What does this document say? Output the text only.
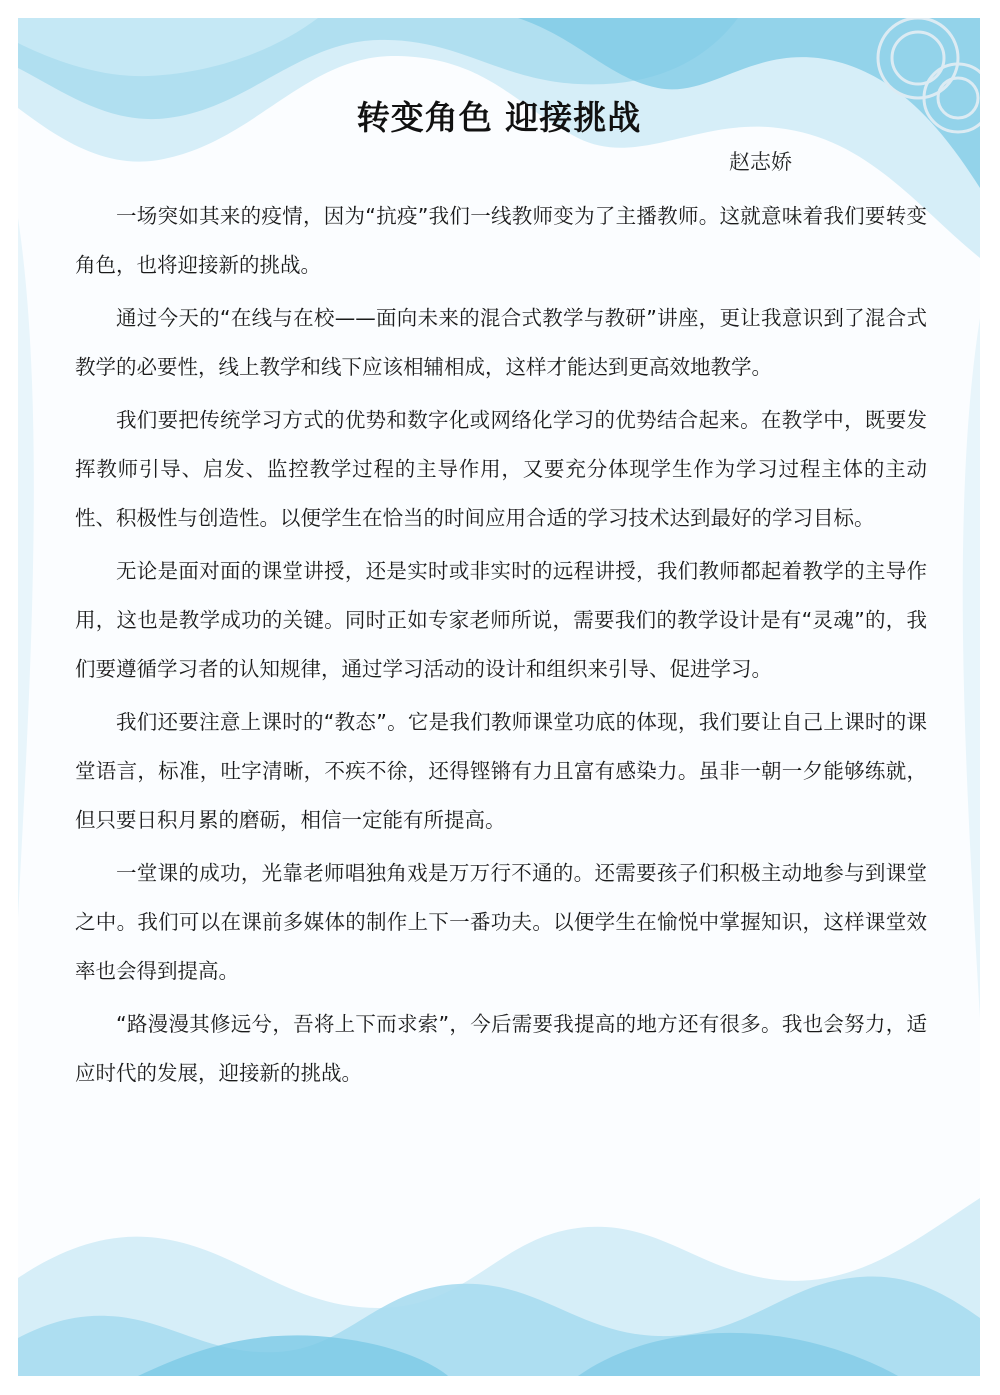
转变角色 迎接挑战
赵志娇

一场突如其来的疫情，因为“抗疫”我们一线教师变为了主播教师。这就意味着我们要转变角色，也将迎接新的挑战。

通过今天的“在线与在校——面向未来的混合式教学与教研”讲座，更让我意识到了混合式教学的必要性，线上教学和线下应该相辅相成，这样才能达到更高效地教学。

我们要把传统学习方式的优势和数字化或网络化学习的优势结合起来。在教学中，既要发挥教师引导、启发、监控教学过程的主导作用，又要充分体现学生作为学习过程主体的主动性、积极性与创造性。以便学生在恰当的时间应用合适的学习技术达到最好的学习目标。

无论是面对面的课堂讲授，还是实时或非实时的远程讲授，我们教师都起着教学的主导作用，这也是教学成功的关键。同时正如专家老师所说，需要我们的教学设计是有“灵魂”的，我们要遵循学习者的认知规律，通过学习活动的设计和组织来引导、促进学习。

我们还要注意上课时的“教态”。它是我们教师课堂功底的体现，我们要让自己上课时的课堂语言，标准，吐字清晰，不疾不徐，还得铿锵有力且富有感染力。虽非一朝一夕能够练就，但只要日积月累的磨砺，相信一定能有所提高。

一堂课的成功，光靠老师唱独角戏是万万行不通的。还需要孩子们积极主动地参与到课堂之中。我们可以在课前多媒体的制作上下一番功夫。以便学生在愉悦中掌握知识，这样课堂效率也会得到提高。

“路漫漫其修远兮，吾将上下而求索”，今后需要我提高的地方还有很多。我也会努力，适应时代的发展，迎接新的挑战。
